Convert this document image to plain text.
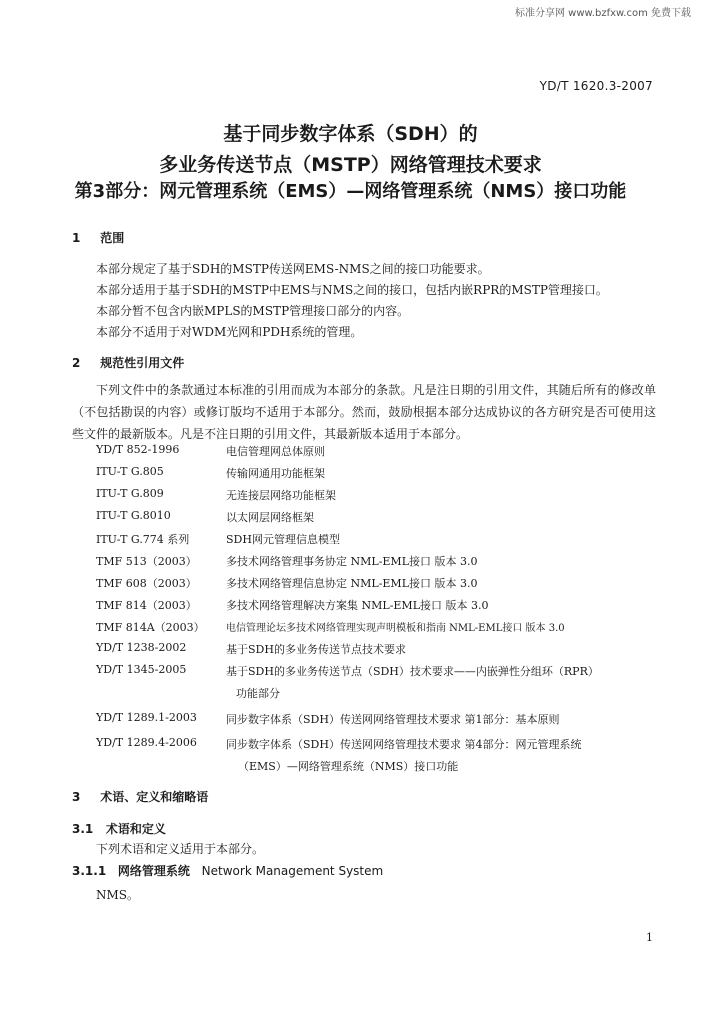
标准分享网 www.bzfxw.com 免费下载
YD/T 1620.3-2007
基于同步数字体系（SDH）的
多业务传送节点（MSTP）网络管理技术要求
第3部分：网元管理系统（EMS）—网络管理系统（NMS）接口功能
1 范围
本部分规定了基于SDH的MSTP传送网EMS-NMS之间的接口功能要求。
本部分适用于基于SDH的MSTP中EMS与NMS之间的接口，包括内嵌RPR的MSTP管理接口。
本部分暂不包含内嵌MPLS的MSTP管理接口部分的内容。
本部分不适用于对WDM光网和PDH系统的管理。
2 规范性引用文件
下列文件中的条款通过本标准的引用而成为本部分的条款。凡是注日期的引用文件，其随后所有的修改单（不包括勘误的内容）或修订版均不适用于本部分。然而，鼓励根据本部分达成协议的各方研究是否可使用这些文件的最新版本。凡是不注日期的引用文件，其最新版本适用于本部分。
YD/T 852-1996	电信管理网总体原则
ITU-T G.805	传输网通用功能框架
ITU-T G.809	无连接层网络功能框架
ITU-T G.8010	以太网层网络框架
ITU-T G.774 系列	SDH网元管理信息模型
TMF 513（2003）	多技术网络管理事务协定 NML-EML接口 版本 3.0
TMF 608（2003）	多技术网络管理信息协定 NML-EML接口 版本 3.0
TMF 814（2003）	多技术网络管理解决方案集 NML-EML接口 版本 3.0
TMF 814A（2003）	电信管理论坛多技术网络管理实现声明模板和指南 NML-EML接口 版本 3.0
YD/T 1238-2002	基于SDH的多业务传送节点技术要求
YD/T 1345-2005	基于SDH的多业务传送节点（SDH）技术要求——内嵌弹性分组环（RPR）
功能部分
YD/T 1289.1-2003	同步数字体系（SDH）传送网网络管理技术要求 第1部分：基本原则
YD/T 1289.4-2006	同步数字体系（SDH）传送网网络管理技术要求 第4部分：网元管理系统
（EMS）—网络管理系统（NMS）接口功能
3 术语、定义和缩略语
3.1 术语和定义
下列术语和定义适用于本部分。
3.1.1 网络管理系统 Network Management System
NMS。
1
